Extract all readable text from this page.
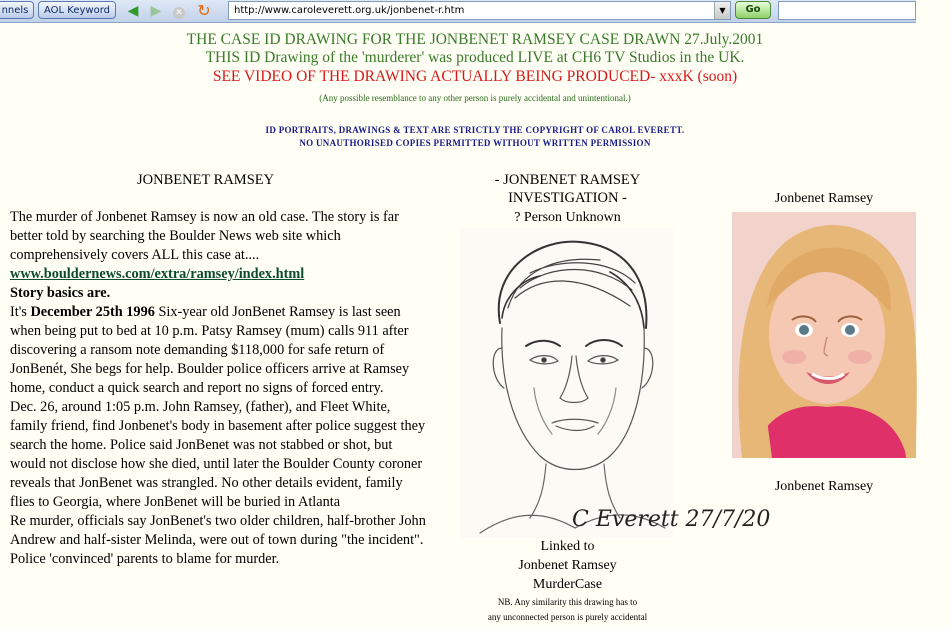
nnels	AOL Keyword	◀ ▶	✕ ↻	http://www.caroleverett.org.uk/jonbenet-r.htm	▼	Go
THE CASE ID DRAWING FOR THE JONBENET RAMSEY CASE DRAWN 27.July.2001
THIS ID Drawing of the 'murderer' was produced LIVE at CH6 TV Studios in the UK.
SEE VIDEO OF THE DRAWING ACTUALLY BEING PRODUCED- xxxK (soon)
(Any possible resemblance to any other person is purely accidental and unintentional.)
ID PORTRAITS, DRAWINGS & TEXT ARE STRICTLY THE COPYRIGHT OF CAROL EVERETT.
NO UNAUTHORISED COPIES PERMITTED WITHOUT WRITTEN PERMISSION
JONBENET RAMSEY

The murder of Jonbenet Ramsey is now an old case. The story is far better told by searching the Boulder News web site which comprehensively covers ALL this case at....

www.bouldernews.com/extra/ramsey/index.html

Story basics are.

It's December 25th 1996 Six-year old JonBenet Ramsey is last seen when being put to bed at 10 p.m. Patsy Ramsey (mum) calls 911 after discovering a ransom note demanding $118,000 for safe return of JonBenét, She begs for help. Boulder police officers arrive at Ramsey home, conduct a quick search and report no signs of forced entry.

Dec. 26, around 1:05 p.m. John Ramsey, (father), and Fleet White, family friend, find Jonbenet's body in basement after police suggest they search the home. Police said JonBenet was not stabbed or shot, but would not disclose how she died, until later the Boulder County coroner reveals that JonBenet was strangled. No other details evident, family flies to Georgia, where JonBenet will be buried in Atlanta

Re murder, officials say JonBenet's two older children, half-brother John Andrew and half-sister Melinda, were out of town during "the incident".

Police 'convinced' parents to blame for murder.

- JONBENET RAMSEY
INVESTIGATION -
? Person Unknown
C Everett 27/7/20
Linked to
Jonbenet Ramsey
MurderCase
NB. Any similarity this drawing has to
any unconnected person is purely accidental
Jonbenet Ramsey
Jonbenet Ramsey
